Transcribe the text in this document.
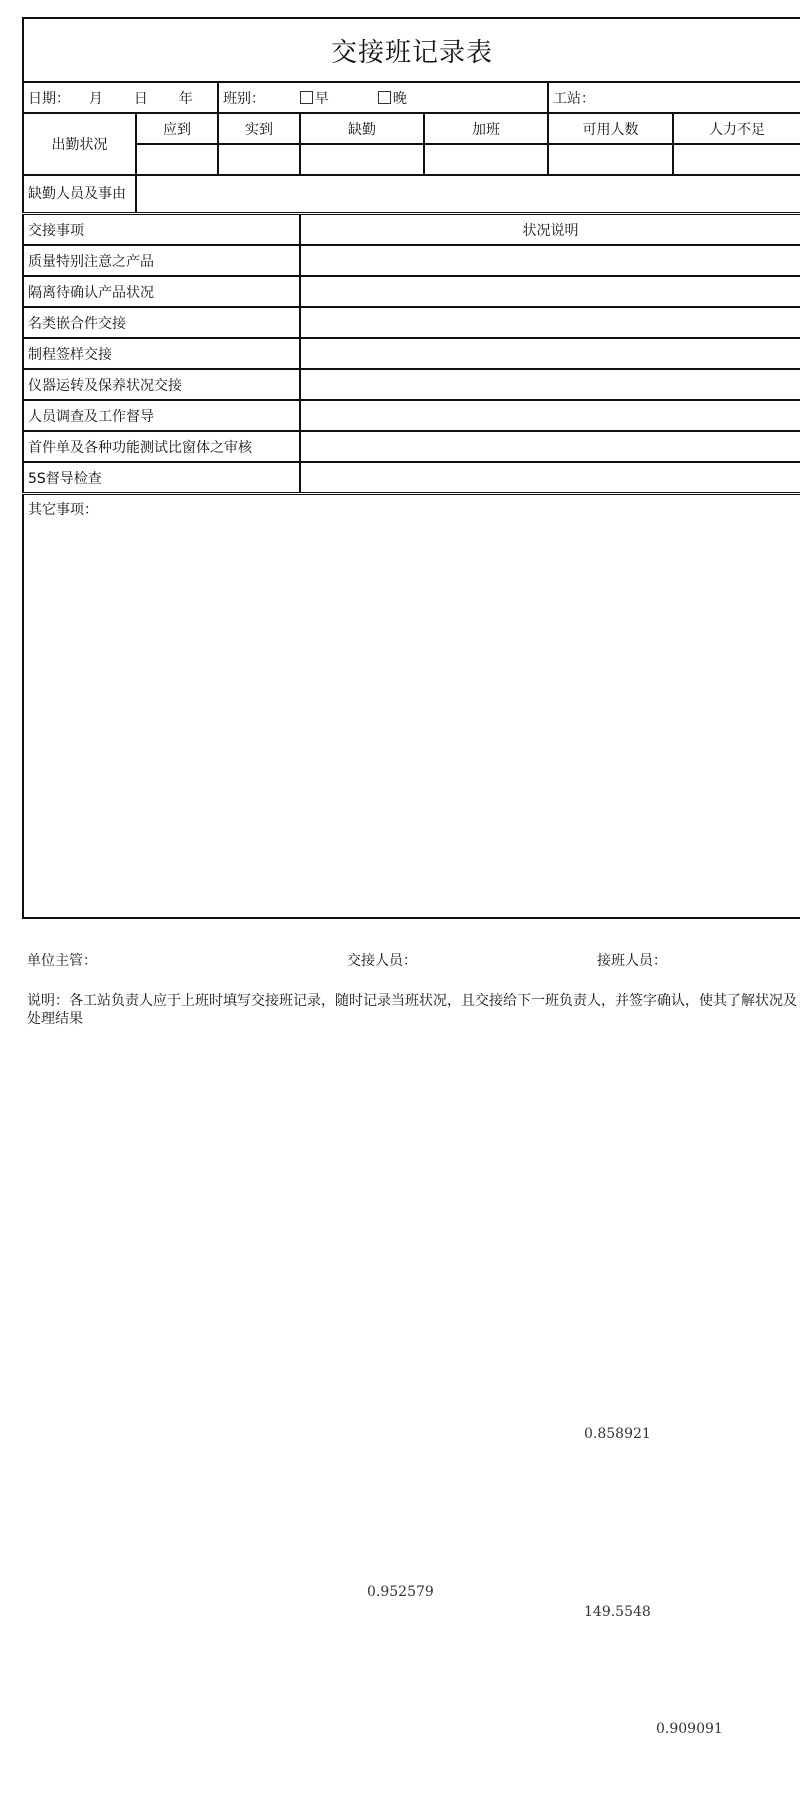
交接班记录表						
日期： 月 日 年		班别： 早 晚			工站：	
出勤状况	应到	实到	缺勤	加班	可用人数	人力不足

缺勤人员及事由						
交接事项			状况说明			
质量特别注意之产品						
隔离待确认产品状况						
名类嵌合件交接						
制程签样交接						
仪器运转及保养状况交接						
人员调查及工作督导						
首件单及各种功能测试比窗体之审核						
5S督导检查						
其它事项：						
单位主管：	交接人员：	接班人员：
说明：各工站负责人应于上班时填写交接班记录，随时记录当班状况，且交接给下一班负责人，并签字确认，使其了解状况及处理结果
0.858921
0.952579
149.5548
0.909091
